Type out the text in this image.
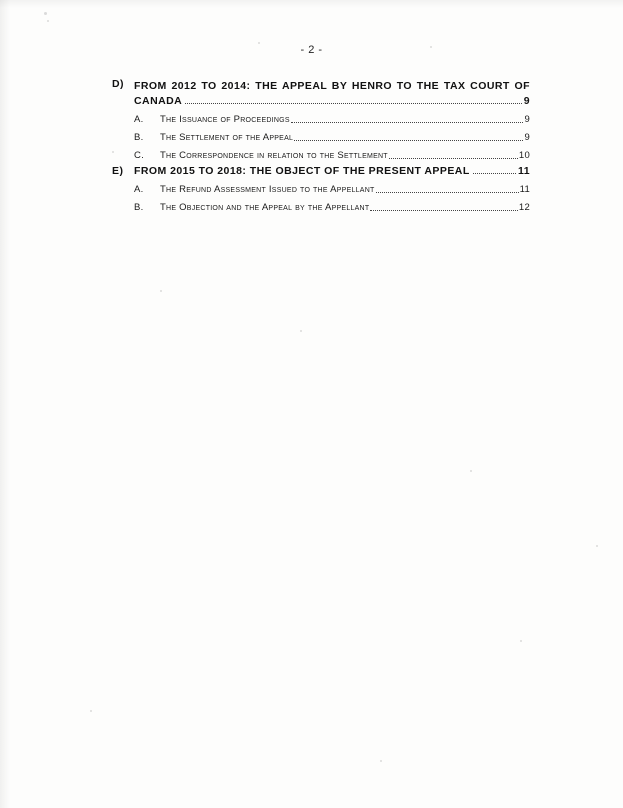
- 2 -
D) FROM 2012 TO 2014: THE APPEAL BY HENRO TO THE TAX COURT OF
CANADA	9
A.	The Issuance of Proceedings	9
B.	The Settlement of the Appeal	9
C.	The Correspondence in relation to the Settlement	10
E)	FROM 2015 TO 2018: THE OBJECT OF THE PRESENT APPEAL	11
A.	The Refund Assessment Issued to the Appellant	11
B.	The Objection and the Appeal by the Appellant	12
